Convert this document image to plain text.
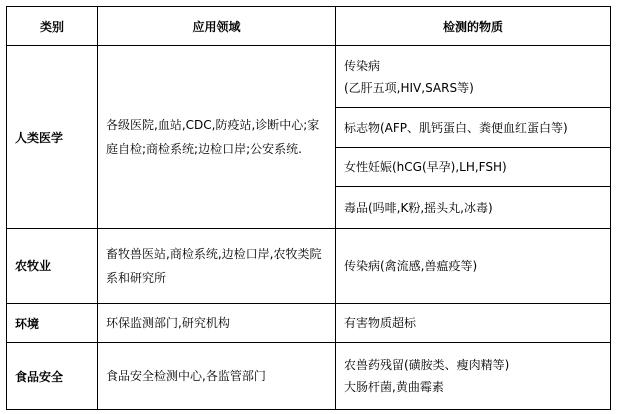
类别	应用领域	检测的物质
人类医学	各级医院,血站,CDC,防疫站,诊断中心;家庭自检;商检系统;边检口岸;公安系统.	传染病
(乙肝五项,HIV,SARS等)

		标志物(AFP、肌钙蛋白、粪便血红蛋白等)

		女性妊娠(hCG(早孕),LH,FSH)

		毒品(吗啡,K粉,摇头丸,冰毒)

农牧业	畜牧兽医站,商检系统,边检口岸,农牧类院系和研究所	传染病(禽流感,兽瘟疫等)

环境	环保监测部门,研究机构	有害物质超标

食品安全	食品安全检测中心,各监管部门	农兽药残留(磺胺类、瘦肉精等)
大肠杆菌,黄曲霉素
